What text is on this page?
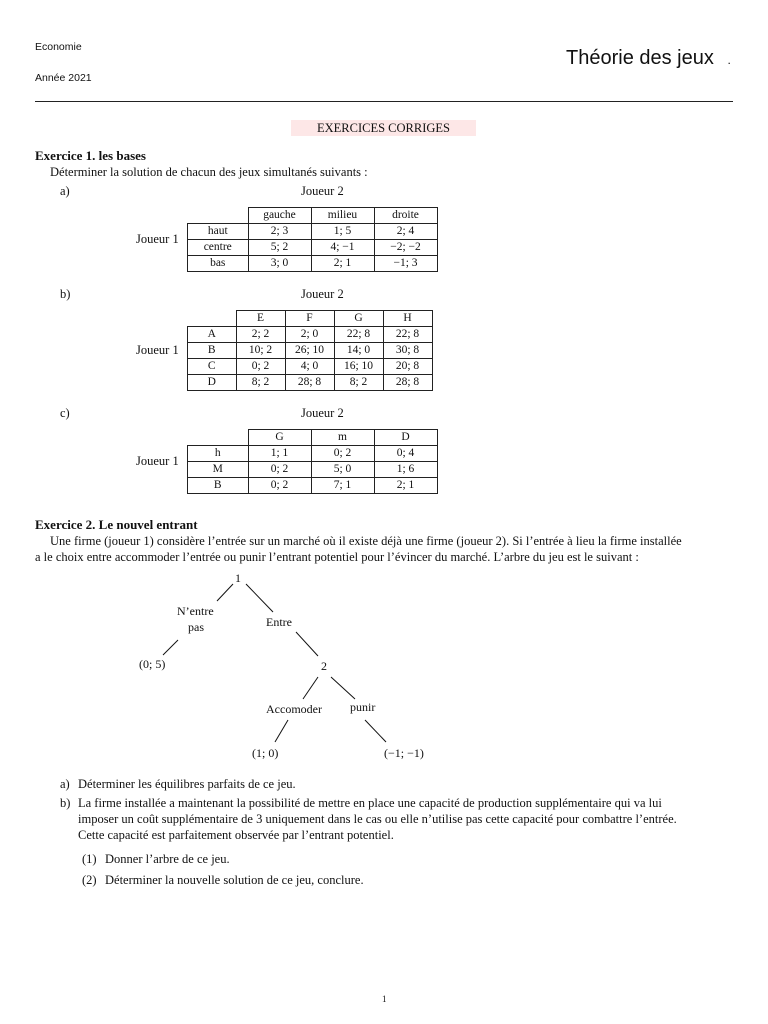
Economie
Année 2021
Théorie des jeux .
EXERCICES CORRIGES
Exercice 1. les bases
Déterminer la solution de chacun des jeux simultanés suivants :
a)	Joueur 2
Joueur 1
	gauche	milieu	droite
haut	2; 3	1; 5	2; 4
centre	5; 2	4; −1	−2; −2
bas	3; 0	2; 1	−1; 3
b)	Joueur 2
Joueur 1
	E	F	G	H
A	2; 2	2; 0	22; 8	22; 8
B	10; 2	26; 10	14; 0	30; 8
C	0; 2	4; 0	16; 10	20; 8
D	8; 2	28; 8	8; 2	28; 8
c)	Joueur 2
Joueur 1
	G	m	D
h	1; 1	0; 2	0; 4
M	0; 2	5; 0	1; 6
B	0; 2	7; 1	2; 1
Exercice 2. Le nouvel entrant
Une firme (joueur 1) considère l’entrée sur un marché où il existe déjà une firme (joueur 2). Si l’entrée à lieu la firme installée
a le choix entre accommoder l’entrée ou punir l’entrant potentiel pour l’évincer du marché. L’arbre du jeu est le suivant :
1
N’entre
pas	Entre
(0; 5)	2
Accomoder punir
(1; 0)	(−1; −1)
a) Déterminer les équilibres parfaits de ce jeu.
b) La firme installée a maintenant la possibilité de mettre en place une capacité de production supplémentaire qui va lui
imposer un coût supplémentaire de 3 uniquement dans le cas ou elle n’utilise pas cette capacité pour combattre l’entrée.
Cette capacité est parfaitement observée par l’entrant potentiel.
(1) Donner l’arbre de ce jeu.
(2) Déterminer la nouvelle solution de ce jeu, conclure.
1
